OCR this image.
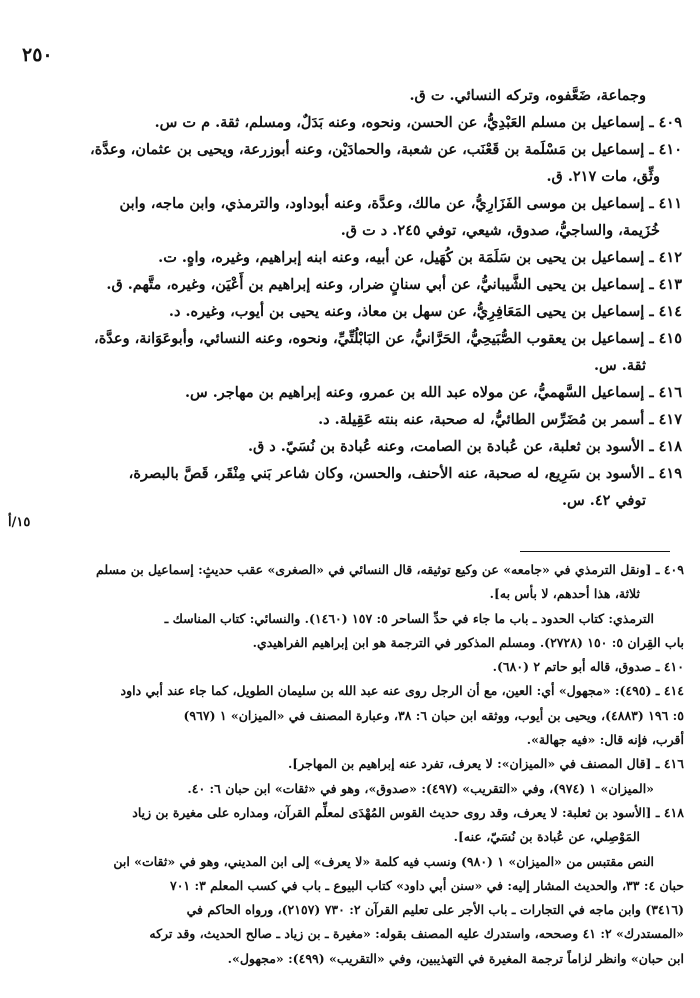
٢٥٠
وجماعة، ضَعَّفوه، وتركه النسائي. ت ق.
٤٠٩ ـ إسماعيل بن مسلم العَبْدِيُّ، عن الحسن، ونحوه، وعنه بَدَلٌ، ومسلم، ثقة. م ت س.
٤١٠ ـ إسماعيل بن مَسْلَمة بن قَعْنَب، عن شعبة، والحمادَيْن، وعنه أبوزرعة، ويحيى بن عثمان، وعدَّة،
وثِّق، مات ٢١٧. ق.
٤١١ ـ إسماعيل بن موسى الفَزَارِيُّ، عن مالك، وعدَّة، وعنه أبوداود، والترمذي، وابن ماجه، وابن
خُزَيمة، والساجيُّ، صدوق، شيعي، توفي ٢٤٥. د ت ق.
٤١٢ ـ إسماعيل بن يحيى بن سَلَمَة بن كُهَيل، عن أبيه، وعنه ابنه إبراهيم، وغيره، واهٍ. ت.
٤١٣ ـ إسماعيل بن يحيى الشَّيبانيُّ، عن أبي سنانٍ ضرار، وعنه إبراهيم بن أَعْيَن، وغيره، متَّهم. ق.
٤١٤ ـ إسماعيل بن يحيى المَعَافِرِيُّ، عن سهل بن معاذ، وعنه يحيى بن أيوب، وغيره. د.
٤١٥ ـ إسماعيل بن يعقوب الصُّبَيحِيُّ، الحَرَّانيُّ، عن البَابْلُتِّيِّ، ونحوه، وعنه النسائي، وأبوعَوَانة، وعدَّة،
ثقة. س.
٤١٦ ـ إسماعيل السَّهميُّ، عن مولاه عبد الله بن عمرو، وعنه إبراهيم بن مهاجر. س.
٤١٧ ـ أسمر بن مُضَرِّس الطائيُّ، له صحبة، عنه بنته عَقِيلة. د.
٤١٨ ـ الأسود بن ثعلبة، عن عُبادة بن الصامت، وعنه عُبادة بن نُسَيّ. د ق.
٤١٩ ـ الأسود بن سَرِيع، له صحبة، عنه الأحنف، والحسن، وكان شاعر بَني مِنْقَر، قَصَّ بالبصرة،
توفي ٤٢. س.
١٥/أ
٤٠٩ ـ [ونقل الترمذي في «جامعه» عن وكيع توثيقه، قال النسائي في «الصغرى» عقب حديثٍ: إسماعيل بن مسلم
ثلاثة، هذا أحدهم، لا بأس به].
الترمذي: كتاب الحدود ـ باب ما جاء في حدِّ الساحر ٥: ١٥٧ (١٤٦٠). والنسائي: كتاب المناسك ـ
باب القِران ٥: ١٥٠ (٢٧٢٨). ومسلم المذكور في الترجمة هو ابن إبراهيم الفراهيدي.
٤١٠ ـ صدوق، قاله أبو حاتم ٢ (٦٨٠).
٤١٤ ـ (٤٩٥): «مجهول» أي: العين، مع أن الرجل روى عنه عبد الله بن سليمان الطويل، كما جاء عند أبي داود
٥: ١٩٦ (٤٨٨٣)، ويحيى بن أيوب، ووثقه ابن حبان ٦: ٣٨، وعبارة المصنف في «الميزان» ١ (٩٦٧)
أقرب، فإنه قال: «فيه جهالة».
٤١٦ ـ [قال المصنف في «الميزان»: لا يعرف، تفرد عنه إبراهيم بن المهاجر].
«الميزان» ١ (٩٧٤)، وفي «التقريب» (٤٩٧): «صدوق»، وهو في «ثقات» ابن حبان ٦: ٤٠.
٤١٨ ـ [الأسود بن ثعلبة: لا يعرف، وقد روى حديث القوس المُهْدَى لمعلِّم القرآن، ومداره على مغيرة بن زياد
المَوْصِلي، عن عُبادة بن نُسَيّ، عنه].
النص مقتبس من «الميزان» ١ (٩٨٠) ونسب فيه كلمة «لا يعرف» إلى ابن المديني، وهو في «ثقات» ابن
حبان ٤: ٣٣، والحديث المشار إليه: في «سنن أبي داود» كتاب البيوع ـ باب في كسب المعلم ٣: ٧٠١
(٣٤١٦) وابن ماجه في التجارات ـ باب الأجر على تعليم القرآن ٢: ٧٣٠ (٢١٥٧)، ورواه الحاكم في
«المستدرك» ٢: ٤١ وصححه، واستدرك عليه المصنف بقوله: «مغيرة ـ بن زياد ـ صالح الحديث، وقد تركه
ابن حبان» وانظر لزاماً ترجمة المغيرة في التهذيبين، وفي «التقريب» (٤٩٩): «مجهول».
